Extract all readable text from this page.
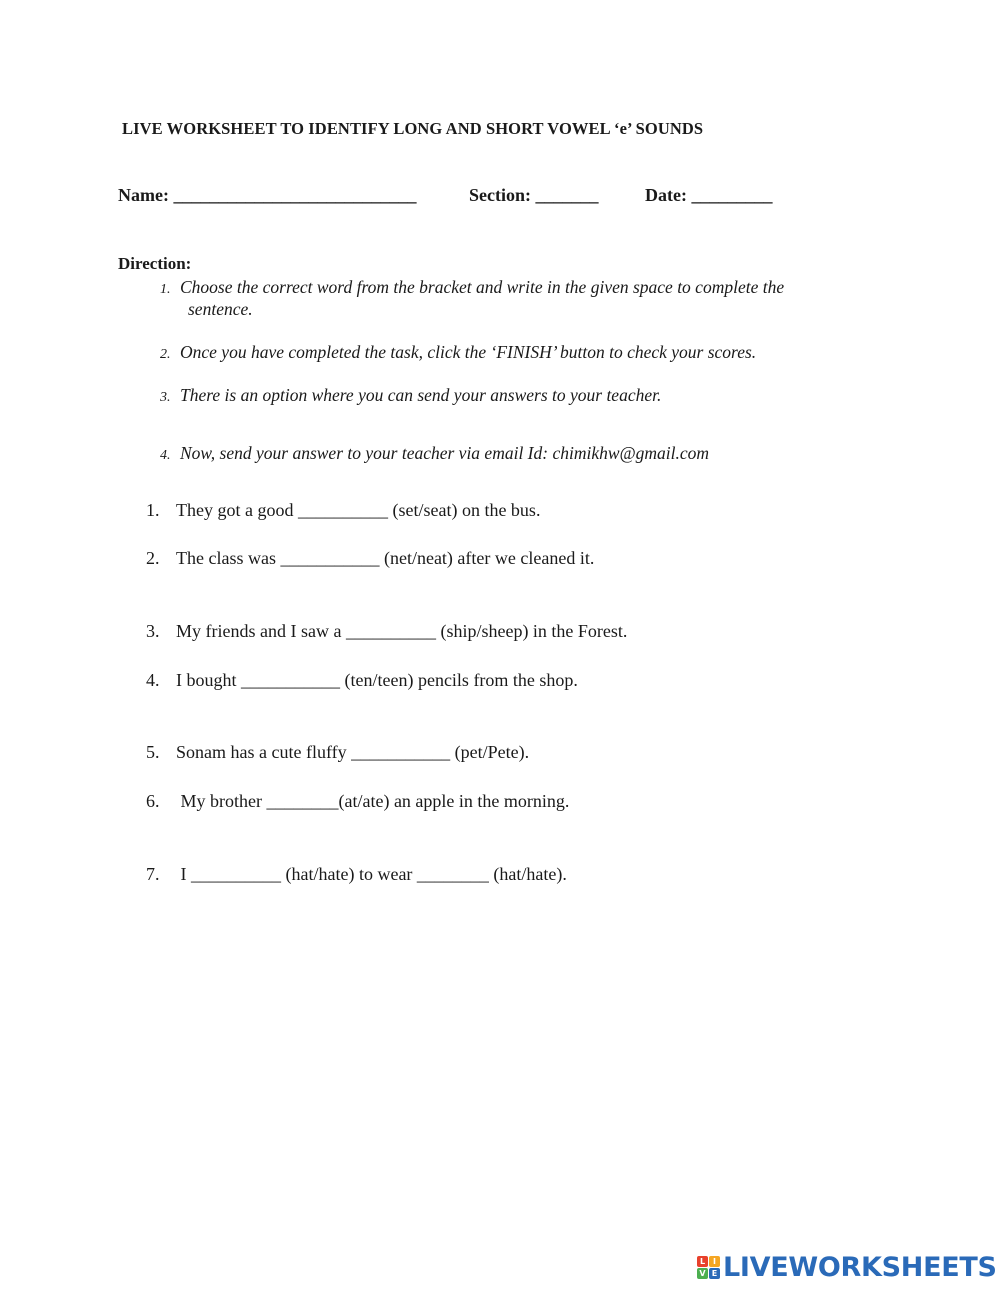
LIVE WORKSHEET TO IDENTIFY LONG AND SHORT VOWEL ‘e’ SOUNDS
Name: ___________________________	Section: _______	Date: _________
Direction:
1. Choose the correct word from the bracket and write in the given space to complete the
sentence.
2. Once you have completed the task, click the ‘FINISH’ button to check your scores.
3. There is an option where you can send your answers to your teacher.
4. Now, send your answer to your teacher via email Id: chimikhw@gmail.com
1. They got a good __________ (set/seat) on the bus.
2. The class was ___________ (net/neat) after we cleaned it.
3. My friends and I saw a __________ (ship/sheep) in the Forest.
4. I bought ___________ (ten/teen) pencils from the shop.
5. Sonam has a cute fluffy ___________ (pet/Pete).
6. My brother ________(at/ate) an apple in the morning.
7. I __________ (hat/hate) to wear ________ (hat/hate).
L I
V E LIVEWORKSHEETS
